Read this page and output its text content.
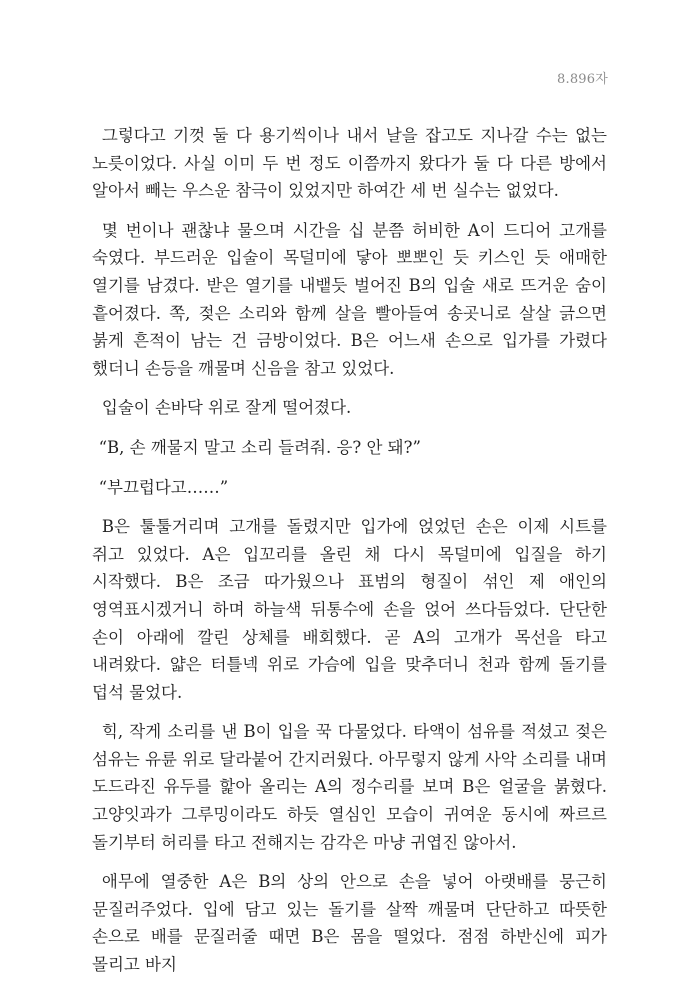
8.896자

그렇다고 기껏 둘 다 용기씩이나 내서 날을 잡고도 지나갈 수는 없는 노릇이었다. 사실 이미 두 번 정도 이쯤까지 왔다가 둘 다 다른 방에서 알아서 빼는 우스운 참극이 있었지만 하여간 세 번 실수는 없었다.

몇 번이나 괜찮냐 물으며 시간을 십 분쯤 허비한 A이 드디어 고개를 숙였다. 부드러운 입술이 목덜미에 닿아 뽀뽀인 듯 키스인 듯 애매한 열기를 남겼다. 받은 열기를 내뱉듯 벌어진 B의 입술 새로 뜨거운 숨이 흩어졌다. 쪽, 젖은 소리와 함께 살을 빨아들여 송곳니로 살살 긁으면 붉게 흔적이 남는 건 금방이었다. B은 어느새 손으로 입가를 가렸다 했더니 손등을 깨물며 신음을 참고 있었다.

입술이 손바닥 위로 잘게 떨어졌다.

“B, 손 깨물지 말고 소리 들려줘. 응? 안 돼?”

“부끄럽다고……”

B은 툴툴거리며 고개를 돌렸지만 입가에 얹었던 손은 이제 시트를 쥐고 있었다. A은 입꼬리를 올린 채 다시 목덜미에 입질을 하기 시작했다. B은 조금 따가웠으나 표범의 형질이 섞인 제 애인의 영역표시겠거니 하며 하늘색 뒤통수에 손을 얹어 쓰다듬었다. 단단한 손이 아래에 깔린 상체를 배회했다. 곧 A의 고개가 목선을 타고 내려왔다. 얇은 터틀넥 위로 가슴에 입을 맞추더니 천과 함께 돌기를 덥석 물었다.

힉, 작게 소리를 낸 B이 입을 꾹 다물었다. 타액이 섬유를 적셨고 젖은 섬유는 유륜 위로 달라붙어 간지러웠다. 아무렇지 않게 사악 소리를 내며 도드라진 유두를 핥아 올리는 A의 정수리를 보며 B은 얼굴을 붉혔다. 고양잇과가 그루밍이라도 하듯 열심인 모습이 귀여운 동시에 짜르르 돌기부터 허리를 타고 전해지는 감각은 마냥 귀엽진 않아서.

애무에 열중한 A은 B의 상의 안으로 손을 넣어 아랫배를 뭉근히 문질러주었다. 입에 담고 있는 돌기를 살짝 깨물며 단단하고 따뜻한 손으로 배를 문질러줄 때면 B은 몸을 떨었다. 점점 하반신에 피가 몰리고 바지
